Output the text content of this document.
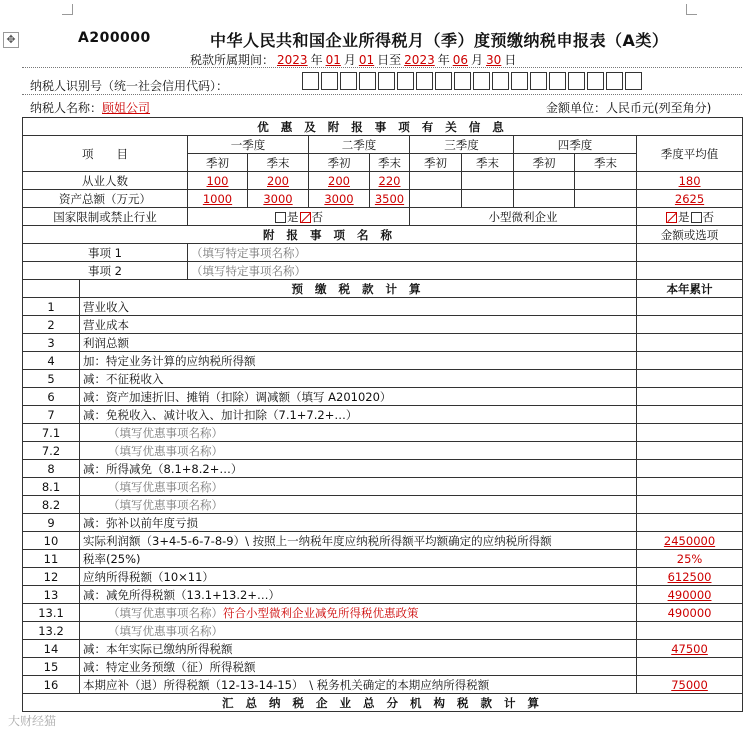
✥	A200000	中华人民共和国企业所得税月（季）度预缴纳税申报表（A类）
税款所属期间： 2023 年 01 月 01 日至 2023 年 06 月 30 日
纳税人识别号（统一社会信用代码）：
纳税人名称：顾姐公司	金额单位：人民币元(列至角分)
优 惠 及 附 报 事 项 有 关 信 息										
项　　目		一季度		二季度		三季度		四季度		季度平均值
		季初	季末	季初	季末	季初	季末	季初	季末	
从业人数		100	200	200	220					180
资产总额（万元）		1000	3000	3000	3500					2625
国家限制或禁止行业		是 否				小型微利企业				是 否
附 报 事 项 名 称										金额或选项
事项 1		（填写特定事项名称）								
事项 2		（填写特定事项名称）								
	预 缴 税 款 计 算									本年累计
1	营业收入									
2	营业成本									
3	利润总额									
4	加：特定业务计算的应纳税所得额									
5	减：不征税收入									
6	减：资产加速折旧、摊销（扣除）调减额（填写 A201020）									
7	减：免税收入、减计收入、加计扣除（7.1+7.2+…）									
7.1	（填写优惠事项名称）									
7.2	（填写优惠事项名称）									
8	减：所得减免（8.1+8.2+…）									
8.1	（填写优惠事项名称）									
8.2	（填写优惠事项名称）									
9	减：弥补以前年度亏损									
10	实际利润额（3+4-5-6-7-8-9）\ 按照上一纳税年度应纳税所得额平均额确定的应纳税所得额									2450000
11	税率(25%)									25%
12	应纳所得税额（10×11）									612500
13	减：减免所得税额（13.1+13.2+…）									490000
13.1	（填写优惠事项名称）符合小型微利企业减免所得税优惠政策									490000
13.2	（填写优惠事项名称）									
14	减：本年实际已缴纳所得税额									47500
15	减：特定业务预缴（征）所得税额									
16	本期应补（退）所得税额（12-13-14-15）　\ 税务机关确定的本期应纳所得税额									75000
汇 总 纳 税 企 业 总 分 机 构 税 款 计 算										
大财经猫
